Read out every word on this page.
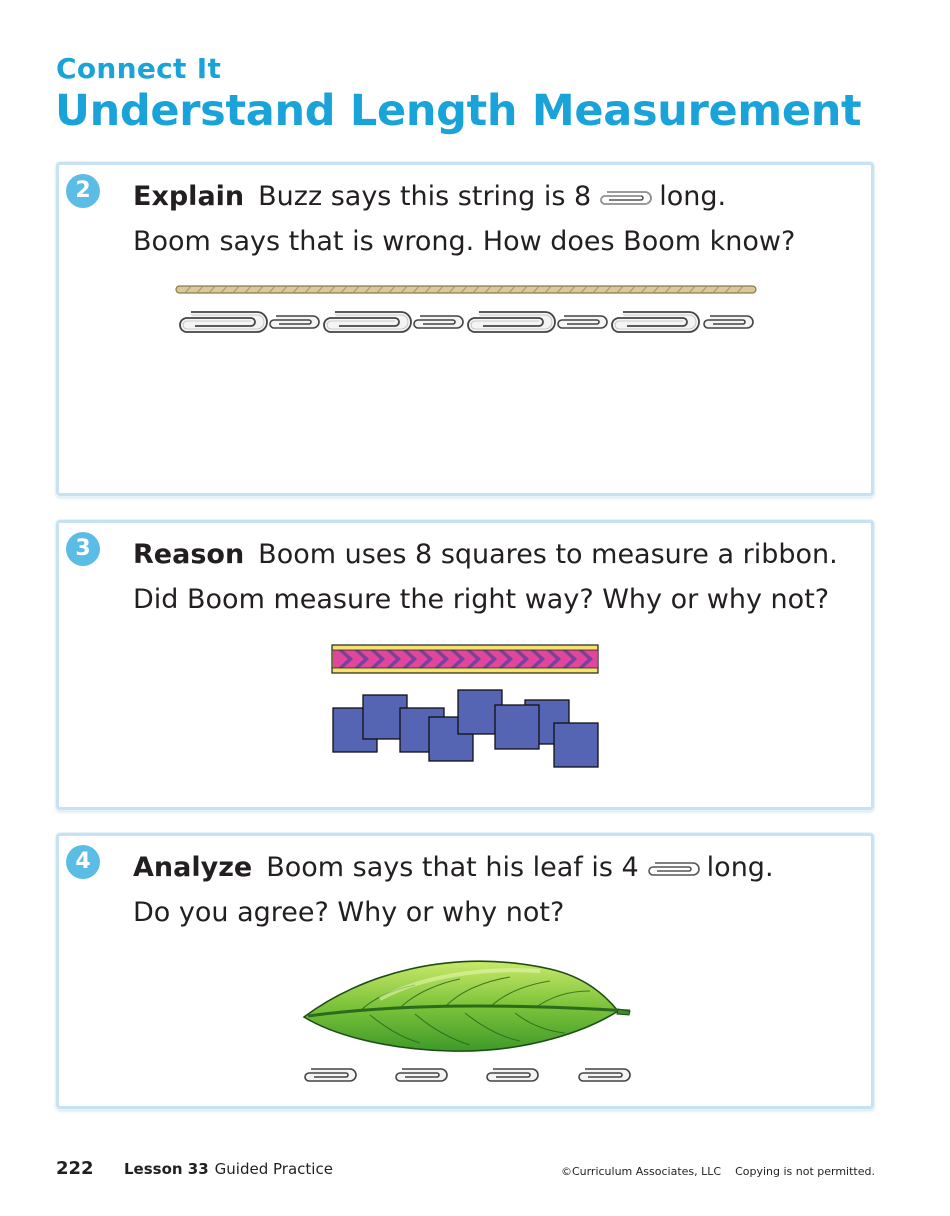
Connect It
Understand Length Measurement
2	Explain Buzz says this string is 8	long.
Boom says that is wrong. How does Boom know?
3	Reason Boom uses 8 squares to measure a ribbon.
Did Boom measure the right way? Why or why not?
4	Analyze Boom says that his leaf is 4	long.
Do you agree? Why or why not?
222 Lesson 33 Guided Practice	©Curriculum Associates, LLC    Copying is not permitted.
